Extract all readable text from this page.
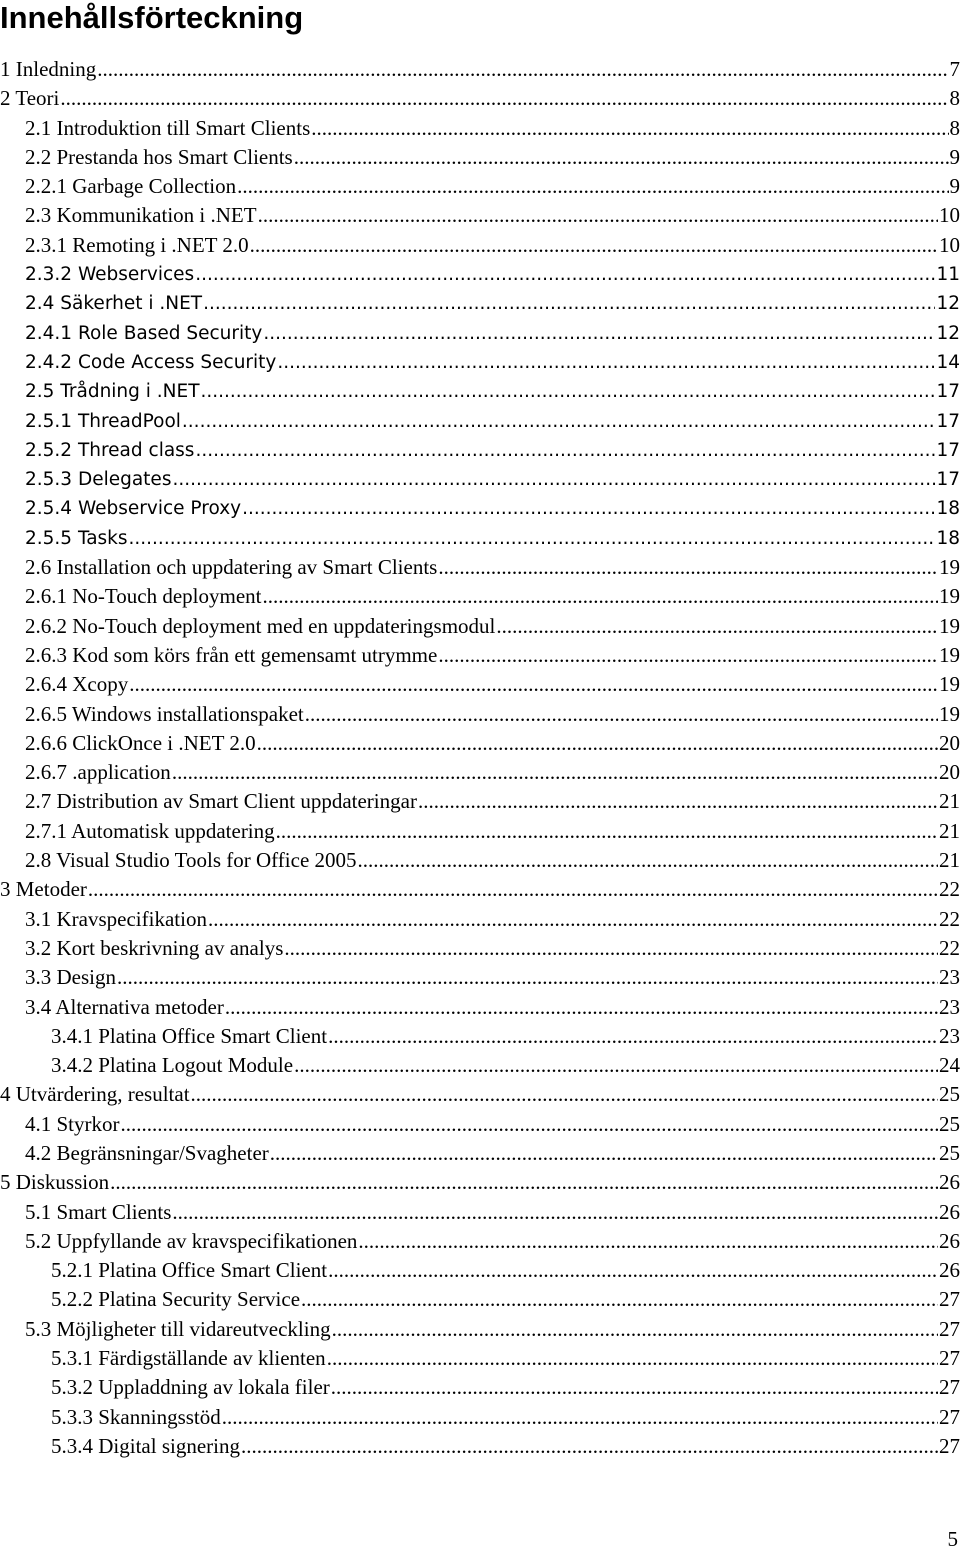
Innehållsförteckning
1 Inledning .....	7
2 Teori .....	8
2.1 Introduktion till Smart Clients .....	8
2.2 Prestanda hos Smart Clients .....	9
2.2.1 Garbage Collection .....	9
2.3 Kommunikation i .NET .....	10
2.3.1 Remoting i .NET 2.0 .....	10
2.3.2 Webservices .....	11
2.4 Säkerhet i .NET .....	12
2.4.1 Role Based Security .....	12
2.4.2 Code Access Security .....	14
2.5 Trådning i .NET .....	17
2.5.1 ThreadPool .....	17
2.5.2 Thread class .....	17
2.5.3 Delegates .....	17
2.5.4 Webservice Proxy .....	18
2.5.5 Tasks .....	18
2.6 Installation och uppdatering av Smart Clients .....	19
2.6.1 No-Touch deployment .....	19
2.6.2 No-Touch deployment med en uppdateringsmodul .....	19
2.6.3 Kod som körs från ett gemensamt utrymme .....	19
2.6.4 Xcopy .....	19
2.6.5 Windows installationspaket .....	19
2.6.6 ClickOnce i .NET 2.0 .....	20
2.6.7 .application .....	20
2.7 Distribution av Smart Client uppdateringar .....	21
2.7.1 Automatisk uppdatering .....	21
2.8 Visual Studio Tools for Office 2005 .....	21
3 Metoder .....	22
3.1 Kravspecifikation .....	22
3.2 Kort beskrivning av analys .....	22
3.3 Design .....	23
3.4 Alternativa metoder .....	23
3.4.1 Platina Office Smart Client .....	23
3.4.2 Platina Logout Module .....	24
4 Utvärdering, resultat .....	25
4.1 Styrkor .....	25
4.2 Begränsningar/Svagheter .....	25
5 Diskussion .....	26
5.1 Smart Clients .....	26
5.2 Uppfyllande av kravspecifikationen .....	26
5.2.1 Platina Office Smart Client .....	26
5.2.2 Platina Security Service .....	27
5.3 Möjligheter till vidareutveckling .....	27
5.3.1 Färdigställande av klienten .....	27
5.3.2 Uppladdning av lokala filer .....	27
5.3.3 Skanningsstöd .....	27
5.3.4 Digital signering .....	27
5
